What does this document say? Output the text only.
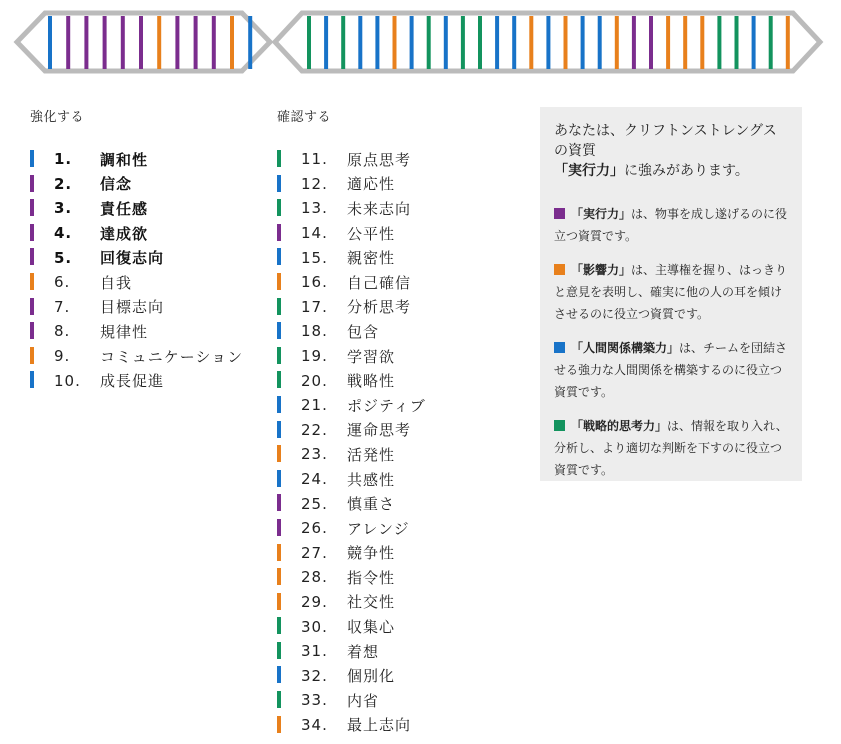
強化する
1. 調和性
2. 信念
3. 責任感
4. 達成欲
5. 回復志向
6. 自我
7. 目標志向
8. 規律性
9. コミュニケーション
10. 成長促進
確認する
11. 原点思考
12. 適応性
13. 未来志向
14. 公平性
15. 親密性
16. 自己確信
17. 分析思考
18. 包含
19. 学習欲
20. 戦略性
21. ポジティブ
22. 運命思考
23. 活発性
24. 共感性
25. 慎重さ
26. アレンジ
27. 競争性
28. 指令性
29. 社交性
30. 収集心
31. 着想
32. 個別化
33. 内省
34. 最上志向

あなたは、クリフトンストレングス
の資質
「実行力」に強みがあります。

「実行力」は、物事を成し遂げるのに役立つ資質です。

「影響力」は、主導権を握り、はっきりと意見を表明し、確実に他の人の耳を傾けさせるのに役立つ資質です。

「人間関係構築力」は、チームを団結させる強力な人間関係を構築するのに役立つ資質です。

「戦略的思考力」は、情報を取り入れ、分析し、より適切な判断を下すのに役立つ資質です。
